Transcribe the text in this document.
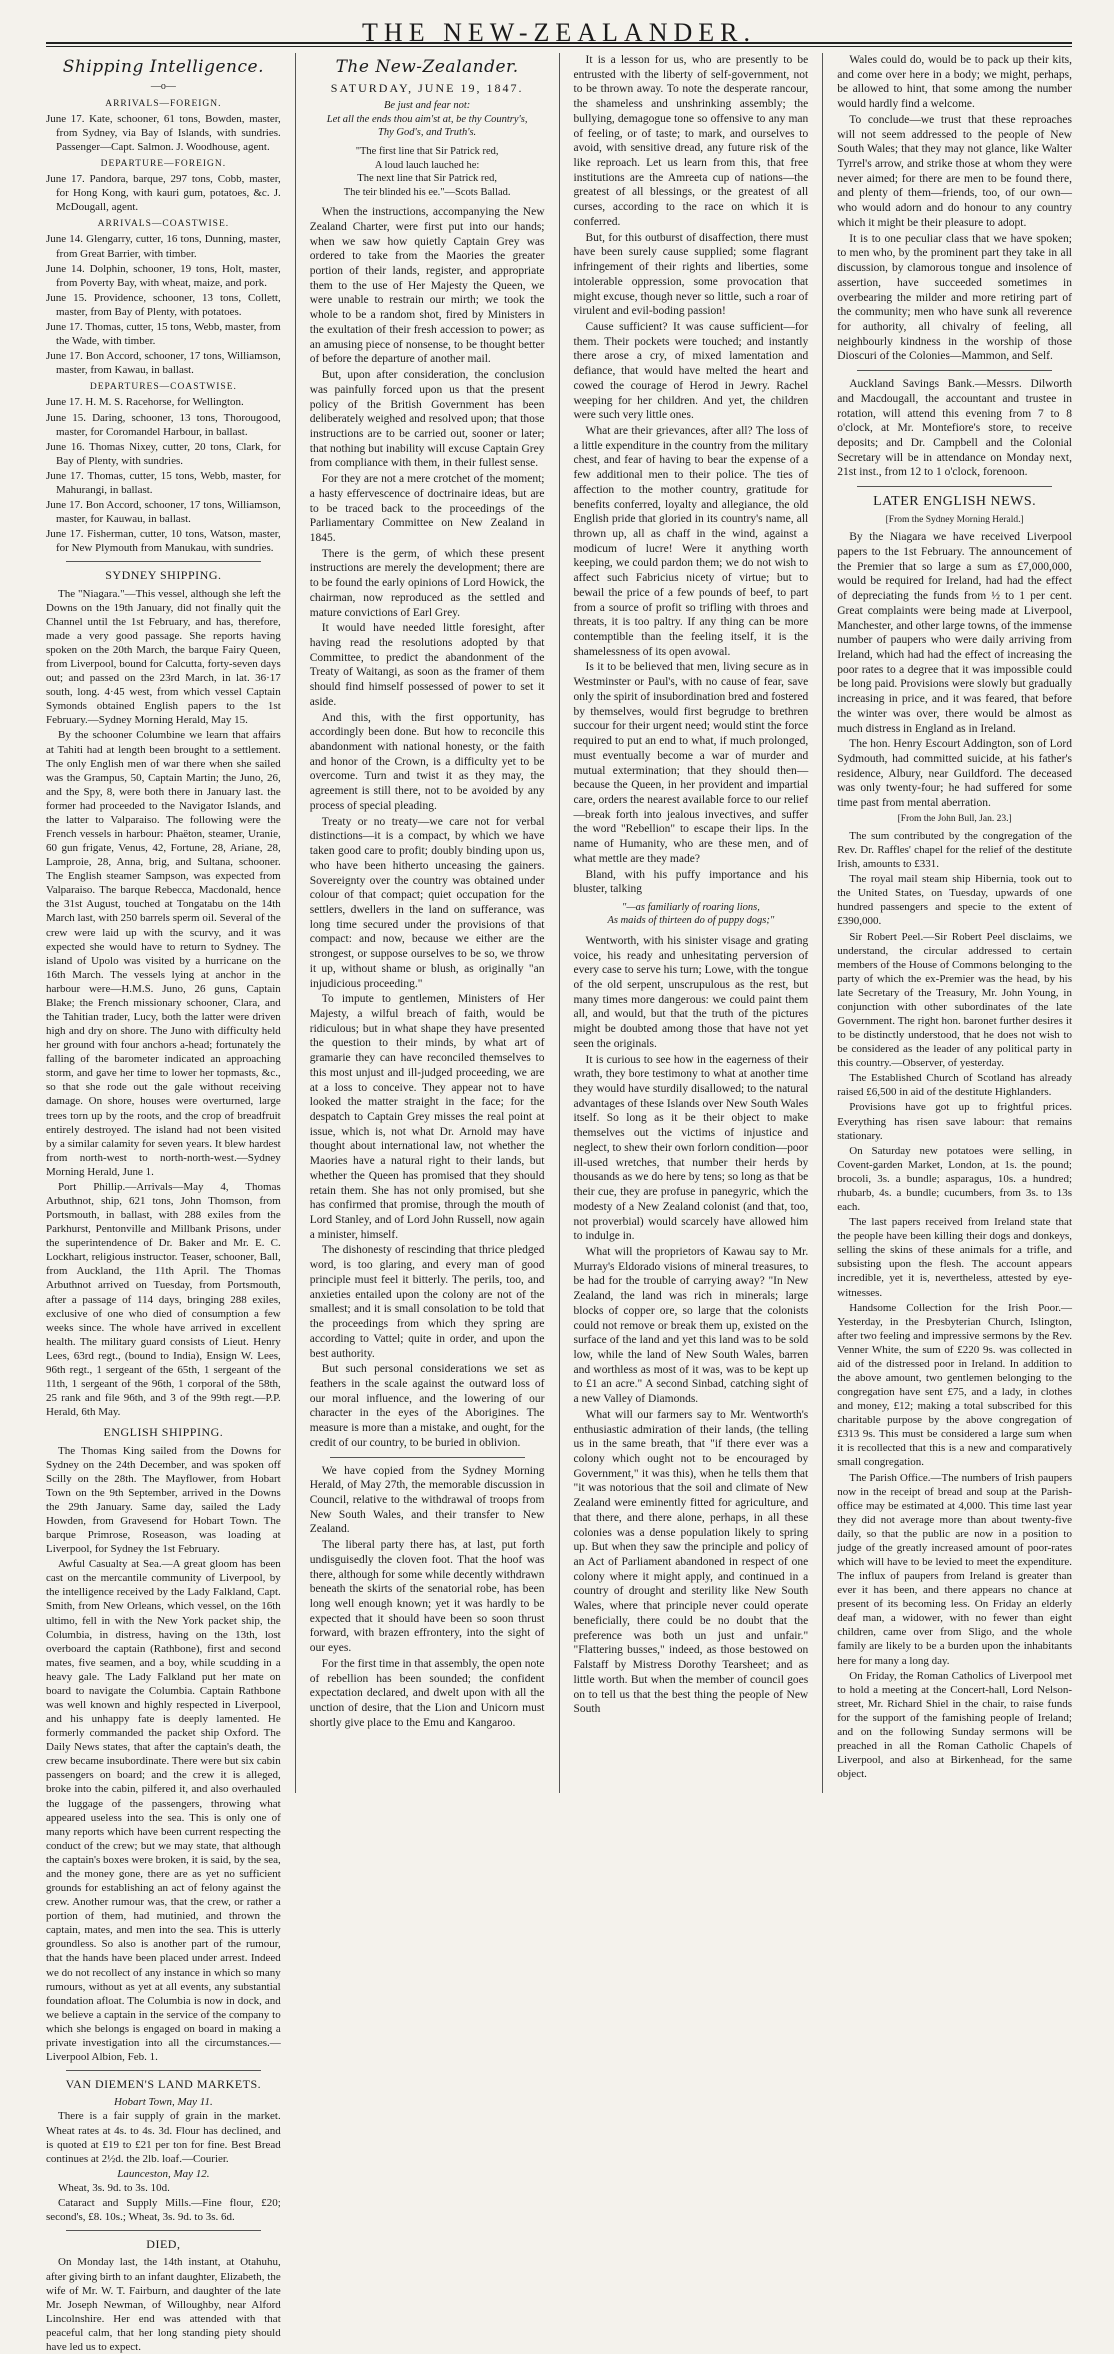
THE NEW-ZEALANDER.
Shipping Intelligence.
—o—
ARRIVALS—FOREIGN.

June 17. Kate, schooner, 61 tons, Bowden, master, from Sydney, via Bay of Islands, with sundries. Passenger—Capt. Salmon. J. Woodhouse, agent.

DEPARTURE—FOREIGN.

June 17. Pandora, barque, 297 tons, Cobb, master, for Hong Kong, with kauri gum, potatoes, &c. J. McDougall, agent.

ARRIVALS—COASTWISE.

June 14. Glengarry, cutter, 16 tons, Dunning, master, from Great Barrier, with timber.

June 14. Dolphin, schooner, 19 tons, Holt, master, from Poverty Bay, with wheat, maize, and pork.

June 15. Providence, schooner, 13 tons, Collett, master, from Bay of Plenty, with potatoes.

June 17. Thomas, cutter, 15 tons, Webb, master, from the Wade, with timber.

June 17. Bon Accord, schooner, 17 tons, Williamson, master, from Kawau, in ballast.

DEPARTURES—COASTWISE.

June 17. H. M. S. Racehorse, for Wellington.

June 15. Daring, schooner, 13 tons, Thorougood, master, for Coromandel Harbour, in ballast.

June 16. Thomas Nixey, cutter, 20 tons, Clark, for Bay of Plenty, with sundries.

June 17. Thomas, cutter, 15 tons, Webb, master, for Mahurangi, in ballast.

June 17. Bon Accord, schooner, 17 tons, Williamson, master, for Kauwau, in ballast.

June 17. Fisherman, cutter, 10 tons, Watson, master, for New Plymouth from Manukau, with sundries.

SYDNEY SHIPPING.

The "Niagara."—This vessel, although she left the Downs on the 19th January, did not finally quit the Channel until the 1st February, and has, therefore, made a very good passage. She reports having spoken on the 20th March, the barque Fairy Queen, from Liverpool, bound for Calcutta, forty-seven days out; and passed on the 23rd March, in lat. 36·17 south, long. 4·45 west, from which vessel Captain Symonds obtained English papers to the 1st February.—Sydney Morning Herald, May 15.

By the schooner Columbine we learn that affairs at Tahiti had at length been brought to a settlement. The only English men of war there when she sailed was the Grampus, 50, Captain Martin; the Juno, 26, and the Spy, 8, were both there in January last. the former had proceeded to the Navigator Islands, and the latter to Valparaiso. The following were the French vessels in harbour: Phaëton, steamer, Uranie, 60 gun frigate, Venus, 42, Fortune, 28, Ariane, 28, Lamproie, 28, Anna, brig, and Sultana, schooner. The English steamer Sampson, was expected from Valparaiso. The barque Rebecca, Macdonald, hence the 31st August, touched at Tongatabu on the 14th March last, with 250 barrels sperm oil. Several of the crew were laid up with the scurvy, and it was expected she would have to return to Sydney. The island of Upolo was visited by a hurricane on the 16th March. The vessels lying at anchor in the harbour were—H.M.S. Juno, 26 guns, Captain Blake; the French missionary schooner, Clara, and the Tahitian trader, Lucy, both the latter were driven high and dry on shore. The Juno with difficulty held her ground with four anchors a-head; fortunately the falling of the barometer indicated an approaching storm, and gave her time to lower her topmasts, &c., so that she rode out the gale without receiving damage. On shore, houses were overturned, large trees torn up by the roots, and the crop of breadfruit entirely destroyed. The island had not been visited by a similar calamity for seven years. It blew hardest from north-west to north-north-west.—Sydney Morning Herald, June 1.

Port Phillip.—Arrivals—May 4, Thomas Arbuthnot, ship, 621 tons, John Thomson, from Portsmouth, in ballast, with 288 exiles from the Parkhurst, Pentonville and Millbank Prisons, under the superintendence of Dr. Baker and Mr. E. C. Lockhart, religious instructor. Teaser, schooner, Ball, from Auckland, the 11th April. The Thomas Arbuthnot arrived on Tuesday, from Portsmouth, after a passage of 114 days, bringing 288 exiles, exclusive of one who died of consumption a few weeks since. The whole have arrived in excellent health. The military guard consists of Lieut. Henry Lees, 63rd regt., (bound to India), Ensign W. Lees, 96th regt., 1 sergeant of the 65th, 1 sergeant of the 11th, 1 sergeant of the 96th, 1 corporal of the 58th, 25 rank and file 96th, and 3 of the 99th regt.—P.P. Herald, 6th May.

ENGLISH SHIPPING.

The Thomas King sailed from the Downs for Sydney on the 24th December, and was spoken off Scilly on the 28th. The Mayflower, from Hobart Town on the 9th September, arrived in the Downs the 29th January. Same day, sailed the Lady Howden, from Gravesend for Hobart Town. The barque Primrose, Roseason, was loading at Liverpool, for Sydney the 1st February.

Awful Casualty at Sea.—A great gloom has been cast on the mercantile community of Liverpool, by the intelligence received by the Lady Falkland, Capt. Smith, from New Orleans, which vessel, on the 16th ultimo, fell in with the New York packet ship, the Columbia, in distress, having on the 13th, lost overboard the captain (Rathbone), first and second mates, five seamen, and a boy, while scudding in a heavy gale. The Lady Falkland put her mate on board to navigate the Columbia. Captain Rathbone was well known and highly respected in Liverpool, and his unhappy fate is deeply lamented. He formerly commanded the packet ship Oxford. The Daily News states, that after the captain's death, the crew became insubordinate. There were but six cabin passengers on board; and the crew it is alleged, broke into the cabin, pilfered it, and also overhauled the luggage of the passengers, throwing what appeared useless into the sea. This is only one of many reports which have been current respecting the conduct of the crew; but we may state, that although the captain's boxes were broken, it is said, by the sea, and the money gone, there are as yet no sufficient grounds for establishing an act of felony against the crew. Another rumour was, that the crew, or rather a portion of them, had mutinied, and thrown the captain, mates, and men into the sea. This is utterly groundless. So also is another part of the rumour, that the hands have been placed under arrest. Indeed we do not recollect of any instance in which so many rumours, without as yet at all events, any substantial foundation afloat. The Columbia is now in dock, and we believe a captain in the service of the company to which she belongs is engaged on board in making a private investigation into all the circumstances.—Liverpool Albion, Feb. 1.

VAN DIEMEN'S LAND MARKETS.
Hobart Town, May 11.

There is a fair supply of grain in the market. Wheat rates at 4s. to 4s. 3d. Flour has declined, and is quoted at £19 to £21 per ton for fine. Best Bread continues at 2½d. the 2lb. loaf.—Courier.

Launceston, May 12.

Wheat, 3s. 9d. to 3s. 10d.

Cataract and Supply Mills.—Fine flour, £20; second's, £8. 10s.; Wheat, 3s. 9d. to 3s. 6d.

DIED,

On Monday last, the 14th instant, at Otahuhu, after giving birth to an infant daughter, Elizabeth, the wife of Mr. W. T. Fairburn, and daughter of the late Mr. Joseph Newman, of Willoughby, near Alford Lincolnshire. Her end was attended with that peaceful calm, that her long standing piety should have led us to expect.

The New-Zealander.
SATURDAY, JUNE 19, 1847.
Be just and fear not:
Let all the ends thou aim'st at, be thy Country's,
Thy God's, and Truth's.
"The first line that Sir Patrick red,
A loud lauch lauched he:
The next line that Sir Patrick red,
The teir blinded his ee."—Scots Ballad.

When the instructions, accompanying the New Zealand Charter, were first put into our hands; when we saw how quietly Captain Grey was ordered to take from the Maories the greater portion of their lands, register, and appropriate them to the use of Her Majesty the Queen, we were unable to restrain our mirth; we took the whole to be a random shot, fired by Ministers in the exultation of their fresh accession to power; as an amusing piece of nonsense, to be thought better of before the departure of another mail.

But, upon after consideration, the conclusion was painfully forced upon us that the present policy of the British Government has been deliberately weighed and resolved upon; that those instructions are to be carried out, sooner or later; that nothing but inability will excuse Captain Grey from compliance with them, in their fullest sense.

For they are not a mere crotchet of the moment; a hasty effervescence of doctrinaire ideas, but are to be traced back to the proceedings of the Parliamentary Committee on New Zealand in 1845.

There is the germ, of which these present instructions are merely the development; there are to be found the early opinions of Lord Howick, the chairman, now reproduced as the settled and mature convictions of Earl Grey.

It would have needed little foresight, after having read the resolutions adopted by that Committee, to predict the abandonment of the Treaty of Waitangi, as soon as the framer of them should find himself possessed of power to set it aside.

And this, with the first opportunity, has accordingly been done. But how to reconcile this abandonment with national honesty, or the faith and honor of the Crown, is a difficulty yet to be overcome. Turn and twist it as they may, the agreement is still there, not to be avoided by any process of special pleading.

Treaty or no treaty—we care not for verbal distinctions—it is a compact, by which we have taken good care to profit; doubly binding upon us, who have been hitherto unceasing the gainers. Sovereignty over the country was obtained under colour of that compact; quiet occupation for the settlers, dwellers in the land on sufferance, was long time secured under the provisions of that compact: and now, because we either are the strongest, or suppose ourselves to be so, we throw it up, without shame or blush, as originally "an injudicious proceeding."

To impute to gentlemen, Ministers of Her Majesty, a wilful breach of faith, would be ridiculous; but in what shape they have presented the question to their minds, by what art of gramarie they can have reconciled themselves to this most unjust and ill-judged proceeding, we are at a loss to conceive. They appear not to have looked the matter straight in the face; for the despatch to Captain Grey misses the real point at issue, which is, not what Dr. Arnold may have thought about international law, not whether the Maories have a natural right to their lands, but whether the Queen has promised that they should retain them. She has not only promised, but she has confirmed that promise, through the mouth of Lord Stanley, and of Lord John Russell, now again a minister, himself.

The dishonesty of rescinding that thrice pledged word, is too glaring, and every man of good principle must feel it bitterly. The perils, too, and anxieties entailed upon the colony are not of the smallest; and it is small consolation to be told that the proceedings from which they spring are according to Vattel; quite in order, and upon the best authority.

But such personal considerations we set as feathers in the scale against the outward loss of our moral influence, and the lowering of our character in the eyes of the Aborigines. The measure is more than a mistake, and ought, for the credit of our country, to be buried in oblivion.

We have copied from the Sydney Morning Herald, of May 27th, the memorable discussion in Council, relative to the withdrawal of troops from New South Wales, and their transfer to New Zealand.

The liberal party there has, at last, put forth undisguisedly the cloven foot. That the hoof was there, although for some while decently withdrawn beneath the skirts of the senatorial robe, has been long well enough known; yet it was hardly to be expected that it should have been so soon thrust forward, with brazen effrontery, into the sight of our eyes.

For the first time in that assembly, the open note of rebellion has been sounded; the confident expectation declared, and dwelt upon with all the unction of desire, that the Lion and Unicorn must shortly give place to the Emu and Kangaroo.

It is a lesson for us, who are presently to be entrusted with the liberty of self-government, not to be thrown away. To note the desperate rancour, the shameless and unshrinking assembly; the bullying, demagogue tone so offensive to any man of feeling, or of taste; to mark, and ourselves to avoid, with sensitive dread, any future risk of the like reproach. Let us learn from this, that free institutions are the Amreeta cup of nations—the greatest of all blessings, or the greatest of all curses, according to the race on which it is conferred.

But, for this outburst of disaffection, there must have been surely cause supplied; some flagrant infringement of their rights and liberties, some intolerable oppression, some provocation that might excuse, though never so little, such a roar of virulent and evil-boding passion!

Cause sufficient? It was cause sufficient—for them. Their pockets were touched; and instantly there arose a cry, of mixed lamentation and defiance, that would have melted the heart and cowed the courage of Herod in Jewry. Rachel weeping for her children. And yet, the children were such very little ones.

What are their grievances, after all? The loss of a little expenditure in the country from the military chest, and fear of having to bear the expense of a few additional men to their police. The ties of affection to the mother country, gratitude for benefits conferred, loyalty and allegiance, the old English pride that gloried in its country's name, all thrown up, all as chaff in the wind, against a modicum of lucre! Were it anything worth keeping, we could pardon them; we do not wish to affect such Fabricius nicety of virtue; but to bewail the price of a few pounds of beef, to part from a source of profit so trifling with throes and threats, it is too paltry. If any thing can be more contemptible than the feeling itself, it is the shamelessness of its open avowal.

Is it to be believed that men, living secure as in Westminster or Paul's, with no cause of fear, save only the spirit of insubordination bred and fostered by themselves, would first begrudge to brethren succour for their urgent need; would stint the force required to put an end to what, if much prolonged, must eventually become a war of murder and mutual extermination; that they should then—because the Queen, in her provident and impartial care, orders the nearest available force to our relief—break forth into jealous invectives, and suffer the word "Rebellion" to escape their lips. In the name of Humanity, who are these men, and of what mettle are they made?

Bland, with his puffy importance and his bluster, talking

"—as familiarly of roaring lions,
As maids of thirteen do of puppy dogs;"

Wentworth, with his sinister visage and grating voice, his ready and unhesitating perversion of every case to serve his turn; Lowe, with the tongue of the old serpent, unscrupulous as the rest, but many times more dangerous: we could paint them all, and would, but that the truth of the pictures might be doubted among those that have not yet seen the originals.

It is curious to see how in the eagerness of their wrath, they bore testimony to what at another time they would have sturdily disallowed; to the natural advantages of these Islands over New South Wales itself. So long as it be their object to make themselves out the victims of injustice and neglect, to shew their own forlorn condition—poor ill-used wretches, that number their herds by thousands as we do here by tens; so long as that be their cue, they are profuse in panegyric, which the modesty of a New Zealand colonist (and that, too, not proverbial) would scarcely have allowed him to indulge in.

What will the proprietors of Kawau say to Mr. Murray's Eldorado visions of mineral treasures, to be had for the trouble of carrying away? "In New Zealand, the land was rich in minerals; large blocks of copper ore, so large that the colonists could not remove or break them up, existed on the surface of the land and yet this land was to be sold low, while the land of New South Wales, barren and worthless as most of it was, was to be kept up to £1 an acre." A second Sinbad, catching sight of a new Valley of Diamonds.

What will our farmers say to Mr. Wentworth's enthusiastic admiration of their lands, (the telling us in the same breath, that "if there ever was a colony which ought not to be encouraged by Government," it was this), when he tells them that "it was notorious that the soil and climate of New Zealand were eminently fitted for agriculture, and that there, and there alone, perhaps, in all these colonies was a dense population likely to spring up. But when they saw the principle and policy of an Act of Parliament abandoned in respect of one colony where it might apply, and continued in a country of drought and sterility like New South Wales, where that principle never could operate beneficially, there could be no doubt that the preference was both un just and unfair." "Flattering busses," indeed, as those bestowed on Falstaff by Mistress Dorothy Tearsheet; and as little worth. But when the member of council goes on to tell us that the best thing the people of New South

Wales could do, would be to pack up their kits, and come over here in a body; we might, perhaps, be allowed to hint, that some among the number would hardly find a welcome.

To conclude—we trust that these reproaches will not seem addressed to the people of New South Wales; that they may not glance, like Walter Tyrrel's arrow, and strike those at whom they were never aimed; for there are men to be found there, and plenty of them—friends, too, of our own—who would adorn and do honour to any country which it might be their pleasure to adopt.

It is to one peculiar class that we have spoken; to men who, by the prominent part they take in all discussion, by clamorous tongue and insolence of assertion, have succeeded sometimes in overbearing the milder and more retiring part of the community; men who have sunk all reverence for authority, all chivalry of feeling, all neighbourly kindness in the worship of those Dioscuri of the Colonies—Mammon, and Self.

Auckland Savings Bank.—Messrs. Dilworth and Macdougall, the accountant and trustee in rotation, will attend this evening from 7 to 8 o'clock, at Mr. Montefiore's store, to receive deposits; and Dr. Campbell and the Colonial Secretary will be in attendance on Monday next, 21st inst., from 12 to 1 o'clock, forenoon.

LATER ENGLISH NEWS.
[From the Sydney Morning Herald.]

By the Niagara we have received Liverpool papers to the 1st February. The announcement of the Premier that so large a sum as £7,000,000, would be required for Ireland, had had the effect of depreciating the funds from ½ to 1 per cent. Great complaints were being made at Liverpool, Manchester, and other large towns, of the immense number of paupers who were daily arriving from Ireland, which had had the effect of increasing the poor rates to a degree that it was impossible could be long paid. Provisions were slowly but gradually increasing in price, and it was feared, that before the winter was over, there would be almost as much distress in England as in Ireland.

The hon. Henry Escourt Addington, son of Lord Sydmouth, had committed suicide, at his father's residence, Albury, near Guildford. The deceased was only twenty-four; he had suffered for some time past from mental aberration.

[From the John Bull, Jan. 23.]

The sum contributed by the congregation of the Rev. Dr. Raffles' chapel for the relief of the destitute Irish, amounts to £331.

The royal mail steam ship Hibernia, took out to the United States, on Tuesday, upwards of one hundred passengers and specie to the extent of £390,000.

Sir Robert Peel.—Sir Robert Peel disclaims, we understand, the circular addressed to certain members of the House of Commons belonging to the party of which the ex-Premier was the head, by his late Secretary of the Treasury, Mr. John Young, in conjunction with other subordinates of the late Government. The right hon. baronet further desires it to be distinctly understood, that he does not wish to be considered as the leader of any political party in this country.—Observer, of yesterday.

The Established Church of Scotland has already raised £6,500 in aid of the destitute Highlanders.

Provisions have got up to frightful prices. Everything has risen save labour: that remains stationary.

On Saturday new potatoes were selling, in Covent-garden Market, London, at 1s. the pound; brocoli, 3s. a bundle; asparagus, 10s. a hundred; rhubarb, 4s. a bundle; cucumbers, from 3s. to 13s each.

The last papers received from Ireland state that the people have been killing their dogs and donkeys, selling the skins of these animals for a trifle, and subsisting upon the flesh. The account appears incredible, yet it is, nevertheless, attested by eye-witnesses.

Handsome Collection for the Irish Poor.—Yesterday, in the Presbyterian Church, Islington, after two feeling and impressive sermons by the Rev. Venner White, the sum of £220 9s. was collected in aid of the distressed poor in Ireland. In addition to the above amount, two gentlemen belonging to the congregation have sent £75, and a lady, in clothes and money, £12; making a total subscribed for this charitable purpose by the above congregation of £313 9s. This must be considered a large sum when it is recollected that this is a new and comparatively small congregation.

The Parish Office.—The numbers of Irish paupers now in the receipt of bread and soup at the Parish-office may be estimated at 4,000. This time last year they did not average more than about twenty-five daily, so that the public are now in a position to judge of the greatly increased amount of poor-rates which will have to be levied to meet the expenditure. The influx of paupers from Ireland is greater than ever it has been, and there appears no chance at present of its becoming less. On Friday an elderly deaf man, a widower, with no fewer than eight children, came over from Sligo, and the whole family are likely to be a burden upon the inhabitants here for many a long day.

On Friday, the Roman Catholics of Liverpool met to hold a meeting at the Concert-hall, Lord Nelson-street, Mr. Richard Shiel in the chair, to raise funds for the support of the famishing people of Ireland; and on the following Sunday sermons will be preached in all the Roman Catholic Chapels of Liverpool, and also at Birkenhead, for the same object.
